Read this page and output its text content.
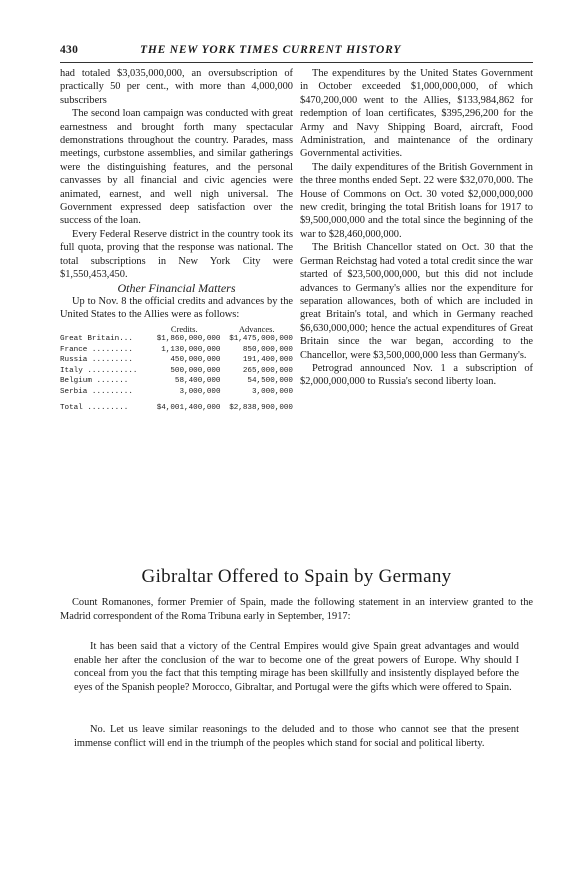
430	THE NEW YORK TIMES CURRENT HISTORY

had totaled $3,035,000,000, an oversubscription of practically 50 per cent., with more than 4,000,000 subscribers

The second loan campaign was conducted with great earnestness and brought forth many spectacular demonstrations throughout the country. Parades, mass meetings, curbstone assemblies, and similar gatherings were the distinguishing features, and the personal canvasses by all financial and civic agencies were animated, earnest, and well nigh universal. The Government expressed deep satisfaction over the success of the loan.

Every Federal Reserve district in the country took its full quota, proving that the response was national. The total subscriptions in New York City were $1,550,453,450.

Other Financial Matters

Up to Nov. 8 the official credits and advances by the United States to the Allies were as follows:

	Credits.	Advances.
Great Britain...	$1,860,000,000	$1,475,000,000
France .........	1,130,000,000	850,000,000
Russia .........	450,000,000	191,400,000
Italy ...........	500,000,000	265,000,000
Belgium .......	58,400,000	54,500,000
Serbia .........	3,000,000	3,000,000
Total .........	$4,001,400,000	$2,838,900,000

The expenditures by the United States Government in October exceeded $1,000,000,000, of which $470,200,000 went to the Allies, $133,984,862 for redemption of loan certificates, $395,296,200 for the Army and Navy Shipping Board, aircraft, Food Administration, and maintenance of the ordinary Governmental activities.

The daily expenditures of the British Government in the three months ended Sept. 22 were $32,070,000. The House of Commons on Oct. 30 voted $2,000,000,000 new credit, bringing the total British loans for 1917 to $9,500,000,000 and the total since the beginning of the war to $28,460,000,000.

The British Chancellor stated on Oct. 30 that the German Reichstag had voted a total credit since the war started of $23,500,000,000, but this did not include advances to Germany's allies nor the expenditure for separation allowances, both of which are included in great Britain's total, and which in Germany reached $6,630,000,000; hence the actual expenditures of Great Britain since the war began, according to the Chancellor, were $3,500,000,000 less than Germany's.

Petrograd announced Nov. 1 a subscription of $2,000,000,000 to Russia's second liberty loan.

Gibraltar Offered to Spain by Germany

Count Romanones, former Premier of Spain, made the following statement in an interview granted to the Madrid correspondent of the Roma Tribuna early in September, 1917:

It has been said that a victory of the Central Empires would give Spain great advantages and would enable her after the conclusion of the war to become one of the great powers of Europe. Why should I conceal from you the fact that this tempting mirage has been skillfully and insistently displayed before the eyes of the Spanish people? Morocco, Gibraltar, and Portugal were the gifts which were offered to Spain.

No. Let us leave similar reasonings to the deluded and to those who cannot see that the present immense conflict will end in the triumph of the peoples which stand for social and political liberty.
